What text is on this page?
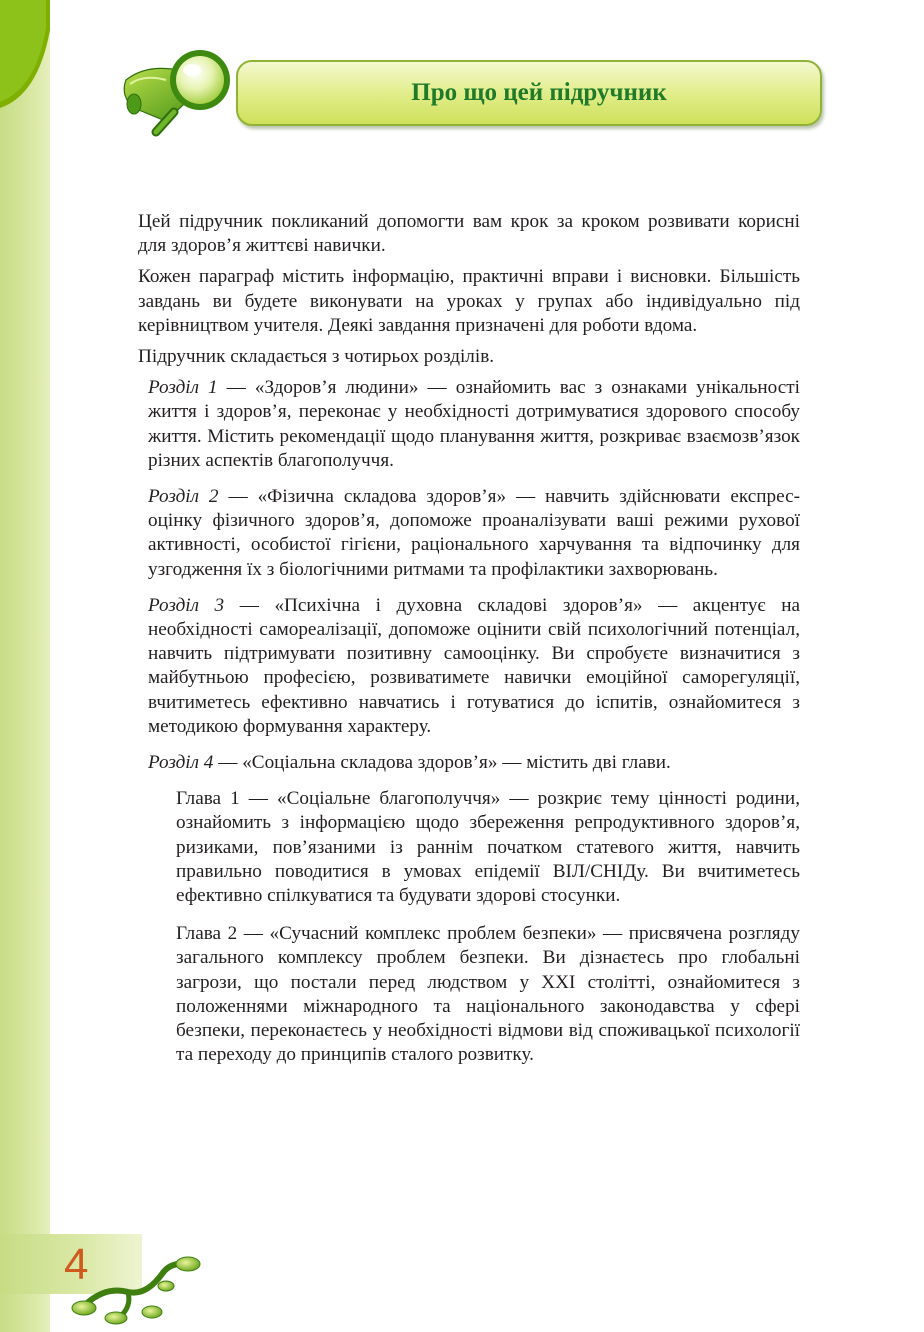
Про що цей підручник

Цей підручник покликаний допомогти вам крок за кроком розвивати корисні для здоров’я життєві навички.

Кожен параграф містить інформацію, практичні вправи і висновки. Більшість завдань ви будете виконувати на уроках у групах або індивідуально під керівництвом учителя. Деякі завдання призначені для роботи вдома.

Підручник складається з чотирьох розділів.

Розділ 1 — «Здоров’я людини» — ознайомить вас з ознаками унікальності життя і здоров’я, переконає у необхідності дотримуватися здорового способу життя. Містить рекомендації щодо планування життя, розкриває взаємозв’язок різних аспектів благополуччя.

Розділ 2 — «Фізична складова здоров’я» — навчить здійснювати експрес-оцінку фізичного здоров’я, допоможе проаналізувати ваші режими рухової активності, особистої гігієни, раціонального харчування та відпочинку для узгодження їх з біологічними ритмами та профілактики захворювань.

Розділ 3 — «Психічна і духовна складові здоров’я» — акцентує на необхідності самореалізації, допоможе оцінити свій психологічний потенціал, навчить підтримувати позитивну самооцінку. Ви спробуєте визначитися з майбутньою професією, розвиватимете навички емоційної саморегуляції, вчитиметесь ефективно навчатись і готуватися до іспитів, ознайомитеся з методикою формування характеру.

Розділ 4 — «Соціальна складова здоров’я» — містить дві глави.

Глава 1 — «Соціальне благополуччя» — розкриє тему цінності родини, ознайомить з інформацією щодо збереження репродуктивного здоров’я, ризиками, пов’язаними із раннім початком статевого життя, навчить правильно поводитися в умовах епідемії ВІЛ/СНІДу. Ви вчитиметесь ефективно спілкуватися та будувати здорові стосунки.

Глава 2 — «Сучасний комплекс проблем безпеки» — присвячена розгляду загального комплексу проблем безпеки. Ви дізнаєтесь про глобальні загрози, що постали перед людством у XXI столітті, ознайомитеся з положеннями міжнародного та національного законодавства у сфері безпеки, переконаєтесь у необхідності відмови від споживацької психології та переходу до принципів сталого розвитку.

4
